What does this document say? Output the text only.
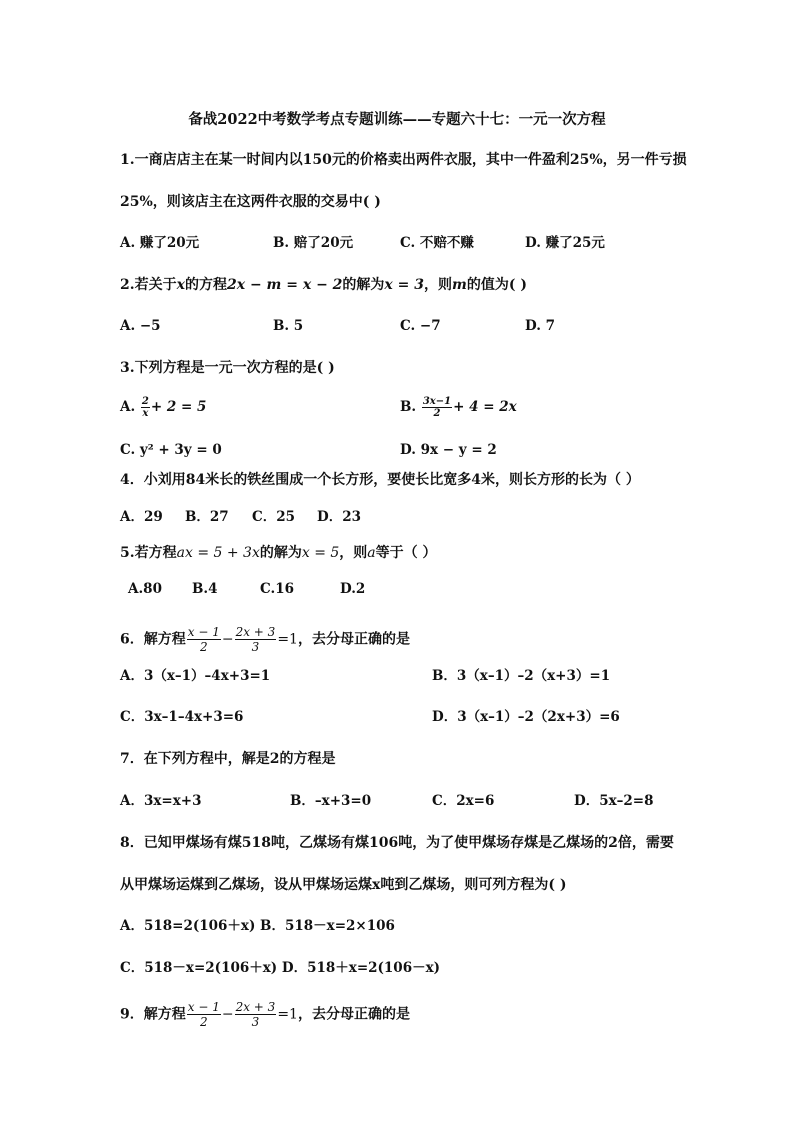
备战2022中考数学考点专题训练——专题六十七：一元一次方程
1.一商店店主在某一时间内以150元的价格卖出两件衣服，其中一件盈利25%，另一件亏损
25%，则该店主在这两件衣服的交易中( )
A. 赚了20元	B. 赔了20元	C. 不赔不赚	D. 赚了25元
2.若关于x的方程2x − m = x − 2的解为x = 3，则m的值为( )
A. −5	B. 5	C. −7	D. 7
3.下列方程是一元一次方程的是( )
A. $\frac{2}{x} + 2 = 5$	B. $\frac{3x-1}{2} + 4 = 2x$
C. y² + 3y = 0	D. 9x − y = 2
4．小刘用84米长的铁丝围成一个长方形，要使长比宽多4米，则长方形的长为（ ）
A．29 B．27 C．25 D．23
5.若方程ax = 5 + 3x的解为x = 5，则a等于（ ）
A.80 B.4	C.16	D.2
6．解方程 $\frac{x - 1}{2} - \frac{2x + 3}{3} =1$，去分母正确的是
A．3（x–1）–4x+3=1	B．3（x–1）–2（x+3）=1
C．3x–1–4x+3=6	D．3（x–1）–2（2x+3）=6
7．在下列方程中，解是2的方程是
A．3x=x+3	B．–x+3=0	C．2x=6	D．5x–2=8
8．已知甲煤场有煤518吨，乙煤场有煤106吨，为了使甲煤场存煤是乙煤场的2倍，需要
从甲煤场运煤到乙煤场，设从甲煤场运煤x吨到乙煤场，则可列方程为( )
A．518=2(106＋x) B．518－x=2×106
C．518－x=2(106＋x) D．518＋x=2(106－x)
9．解方程 $\frac{x - 1}{2} - \frac{2x + 3}{3} =1$，去分母正确的是
